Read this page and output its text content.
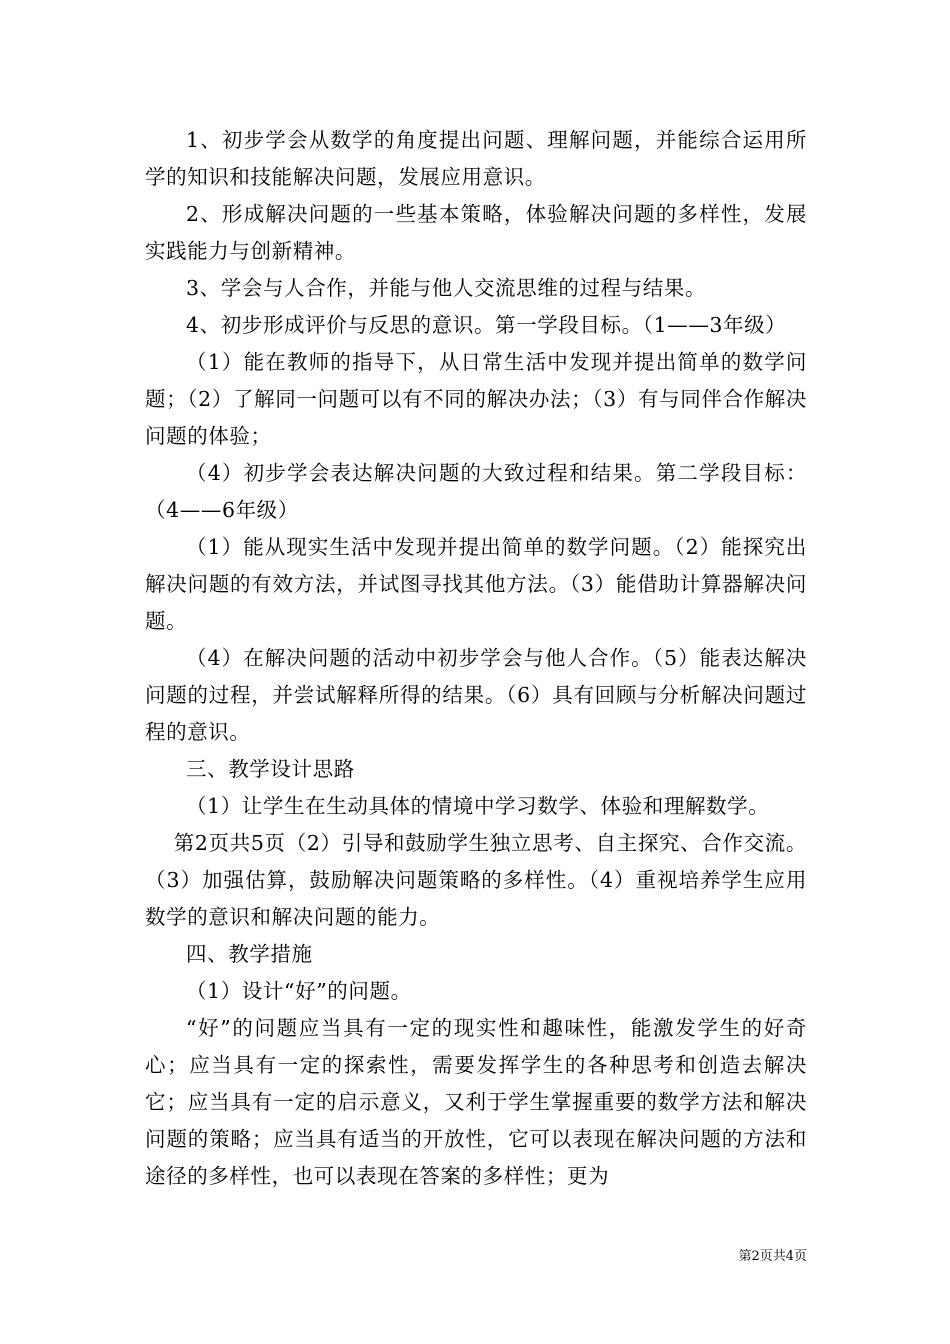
1、初步学会从数学的角度提出问题、理解问题，并能综合运用所学的知识和技能解决问题，发展应用意识。

2、形成解决问题的一些基本策略，体验解决问题的多样性，发展实践能力与创新精神。

3、学会与人合作，并能与他人交流思维的过程与结果。

4、初步形成评价与反思的意识。第一学段目标。（1——3年级）

（1）能在教师的指导下，从日常生活中发现并提出简单的数学问题；（2）了解同一问题可以有不同的解决办法；（3）有与同伴合作解决问题的体验；

（4）初步学会表达解决问题的大致过程和结果。第二学段目标：（4——6年级）

（1）能从现实生活中发现并提出简单的数学问题。（2）能探究出解决问题的有效方法，并试图寻找其他方法。（3）能借助计算器解决问题。

（4）在解决问题的活动中初步学会与他人合作。（5）能表达解决问题的过程，并尝试解释所得的结果。（6）具有回顾与分析解决问题过程的意识。

三、教学设计思路

（1）让学生在生动具体的情境中学习数学、体验和理解数学。

第2页共5页（2）引导和鼓励学生独立思考、自主探究、合作交流。（3）加强估算，鼓励解决问题策略的多样性。（4）重视培养学生应用数学的意识和解决问题的能力。

四、教学措施

（1）设计“好”的问题。

“好”的问题应当具有一定的现实性和趣味性，能激发学生的好奇心；应当具有一定的探索性，需要发挥学生的各种思考和创造去解决它；应当具有一定的启示意义，又利于学生掌握重要的数学方法和解决问题的策略；应当具有适当的开放性，它可以表现在解决问题的方法和途径的多样性，也可以表现在答案的多样性；更为

第2页共4页
